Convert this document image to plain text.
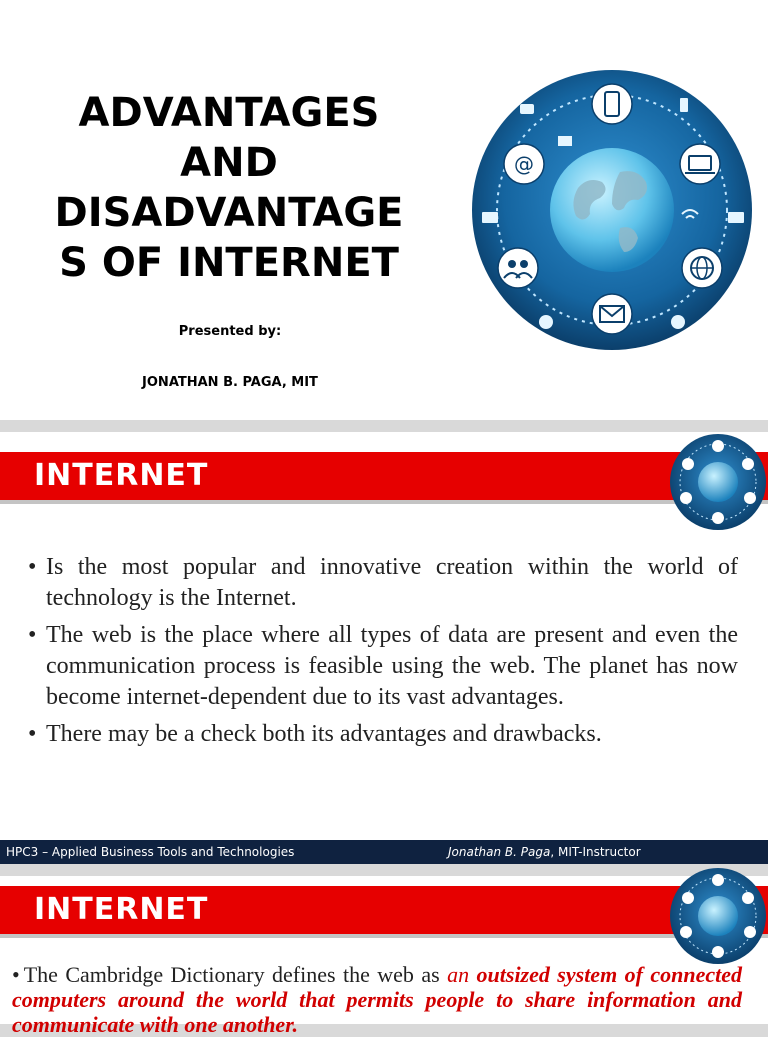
ADVANTAGES
AND
DISADVANTAGE
S OF INTERNET
Presented by:
JONATHAN B. PAGA, MIT
@
INTERNET
• Is the most popular and innovative creation within the world of technology is the Internet.
• The web is the place where all types of data are present and even the communication process is feasible using the web. The planet has now become internet-dependent due to its vast advantages.
• There may be a check both its advantages and drawbacks.
HPC3 – Applied Business Tools and Technologies	Jonathan B. Paga, MIT-Instructor
INTERNET
• The Cambridge Dictionary defines the web as an outsized system of connected computers around the world that permits people to share information and communicate with one another.
